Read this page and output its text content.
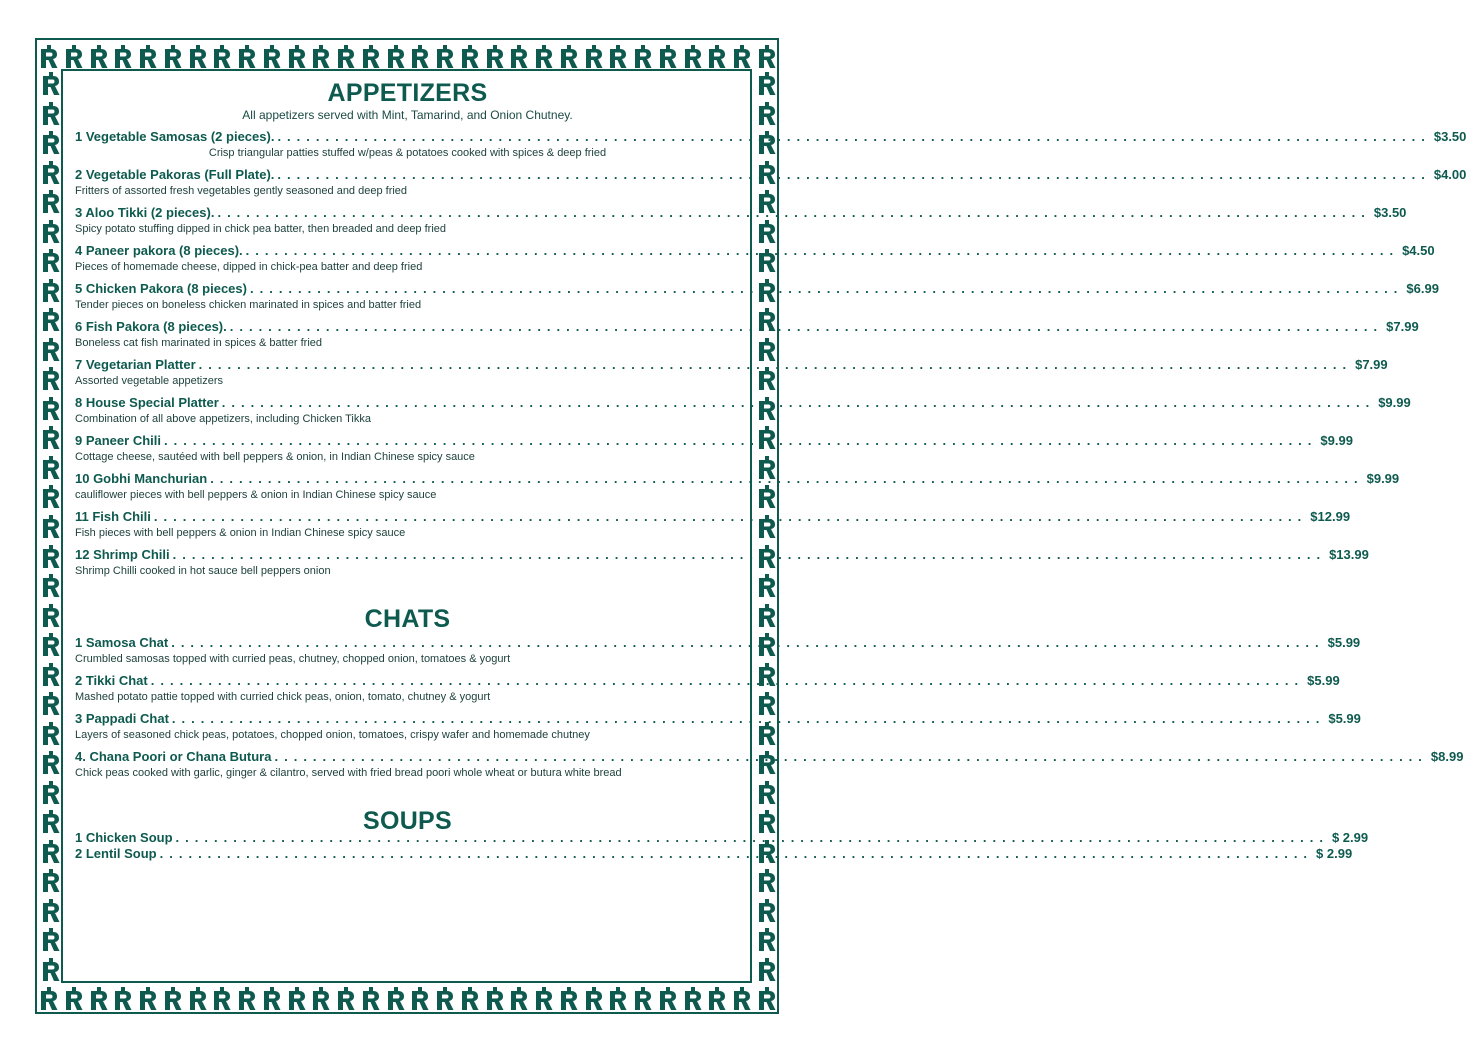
APPETIZERS
All appetizers served with Mint, Tamarind, and Onion Chutney.
1 Vegetable Samosas (2 pieces). ........................................................................................................................ $3.50
Crisp triangular patties stuffed w/peas & potatoes cooked with spices & deep fried
2 Vegetable Pakoras (Full Plate). ........................................................................................................................ $4.00
Fritters of assorted fresh vegetables gently seasoned and deep fried
3 Aloo Tikki (2 pieces). ........................................................................................................................ $3.50
Spicy potato stuffing dipped in chick pea batter, then breaded and deep fried
4 Paneer pakora (8 pieces). ........................................................................................................................ $4.50
Pieces of homemade cheese, dipped in chick-pea batter and deep fried
5 Chicken Pakora (8 pieces) ........................................................................................................................ $6.99
Tender pieces on boneless chicken marinated in spices and batter fried
6 Fish Pakora (8 pieces). ........................................................................................................................ $7.99
Boneless cat fish marinated in spices & batter fried
7 Vegetarian Platter ........................................................................................................................ $7.99
Assorted vegetable appetizers
8 House Special Platter ........................................................................................................................ $9.99
Combination of all above appetizers, including Chicken Tikka
9 Paneer Chili ........................................................................................................................ $9.99
Cottage cheese, sautéed with bell peppers & onion, in Indian Chinese spicy sauce
10 Gobhi Manchurian ........................................................................................................................ $9.99
cauliflower pieces with bell peppers & onion in Indian Chinese spicy sauce
11 Fish Chili ........................................................................................................................ $12.99
Fish pieces with bell peppers & onion in Indian Chinese spicy sauce
12 Shrimp Chili ........................................................................................................................ $13.99
Shrimp Chilli cooked in hot sauce bell peppers onion
CHATS
1 Samosa Chat ........................................................................................................................ $5.99
Crumbled samosas topped with curried peas, chutney, chopped onion, tomatoes & yogurt
2 Tikki Chat ........................................................................................................................ $5.99
Mashed potato pattie topped with curried chick peas, onion, tomato, chutney & yogurt
3 Pappadi Chat ........................................................................................................................ $5.99
Layers of seasoned chick peas, potatoes, chopped onion, tomatoes, crispy wafer and homemade chutney
4. Chana Poori or Chana Butura ........................................................................................................................ $8.99
Chick peas cooked with garlic, ginger & cilantro, served with fried bread poori whole wheat or butura white bread
SOUPS
1 Chicken Soup ........................................................................................................................ $ 2.99
2 Lentil Soup ........................................................................................................................ $ 2.99
